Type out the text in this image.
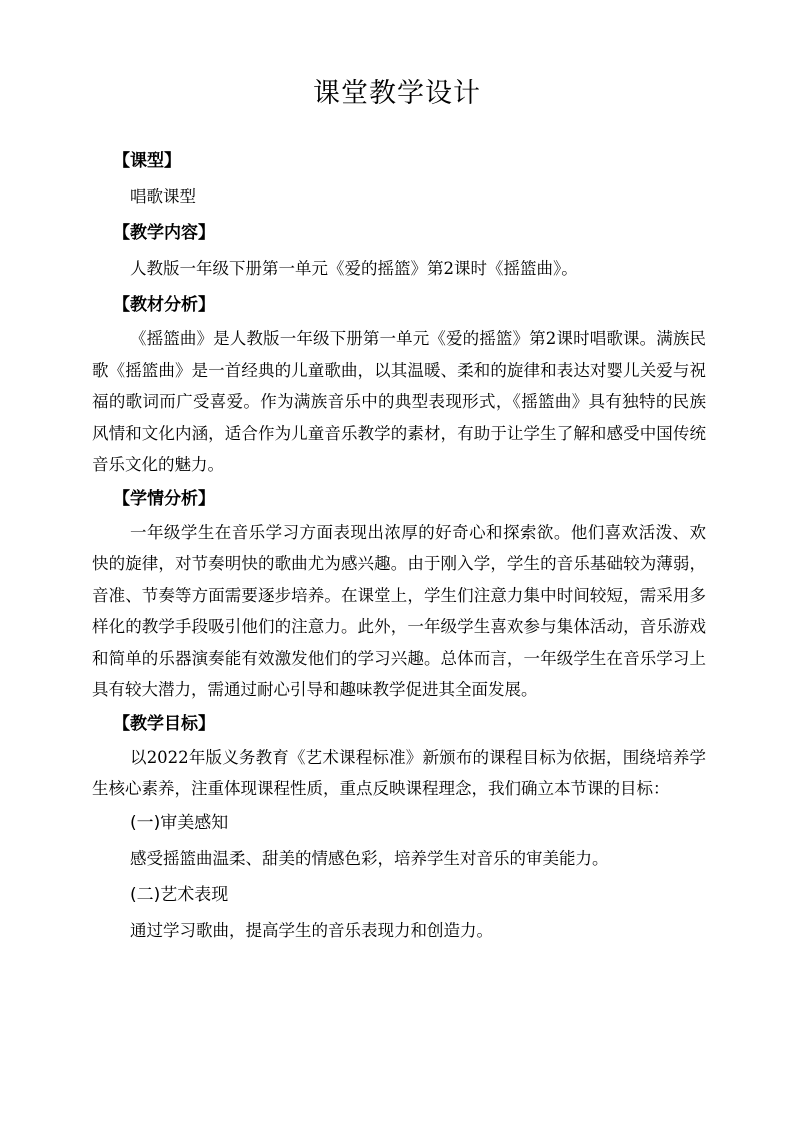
课堂教学设计
【课型】
唱歌课型
【教学内容】
人教版一年级下册第一单元《爱的摇篮》第2课时《摇篮曲》。
【教材分析】

《摇篮曲》是人教版一年级下册第一单元《爱的摇篮》第2课时唱歌课。满族民歌《摇篮曲》是一首经典的儿童歌曲，以其温暖、柔和的旋律和表达对婴儿关爱与祝福的歌词而广受喜爱。作为满族音乐中的典型表现形式，《摇篮曲》具有独特的民族风情和文化内涵，适合作为儿童音乐教学的素材，有助于让学生了解和感受中国传统音乐文化的魅力。

【学情分析】

一年级学生在音乐学习方面表现出浓厚的好奇心和探索欲。他们喜欢活泼、欢快的旋律，对节奏明快的歌曲尤为感兴趣。由于刚入学，学生的音乐基础较为薄弱，音准、节奏等方面需要逐步培养。在课堂上，学生们注意力集中时间较短，需采用多样化的教学手段吸引他们的注意力。此外，一年级学生喜欢参与集体活动，音乐游戏和简单的乐器演奏能有效激发他们的学习兴趣。总体而言，一年级学生在音乐学习上具有较大潜力，需通过耐心引导和趣味教学促进其全面发展。

【教学目标】

以2022年版义务教育《艺术课程标准》新颁布的课程目标为依据，围绕培养学生核心素养，注重体现课程性质，重点反映课程理念，我们确立本节课的目标：

(一)审美感知
感受摇篮曲温柔、甜美的情感色彩，培养学生对音乐的审美能力。
(二)艺术表现
通过学习歌曲，提高学生的音乐表现力和创造力。
